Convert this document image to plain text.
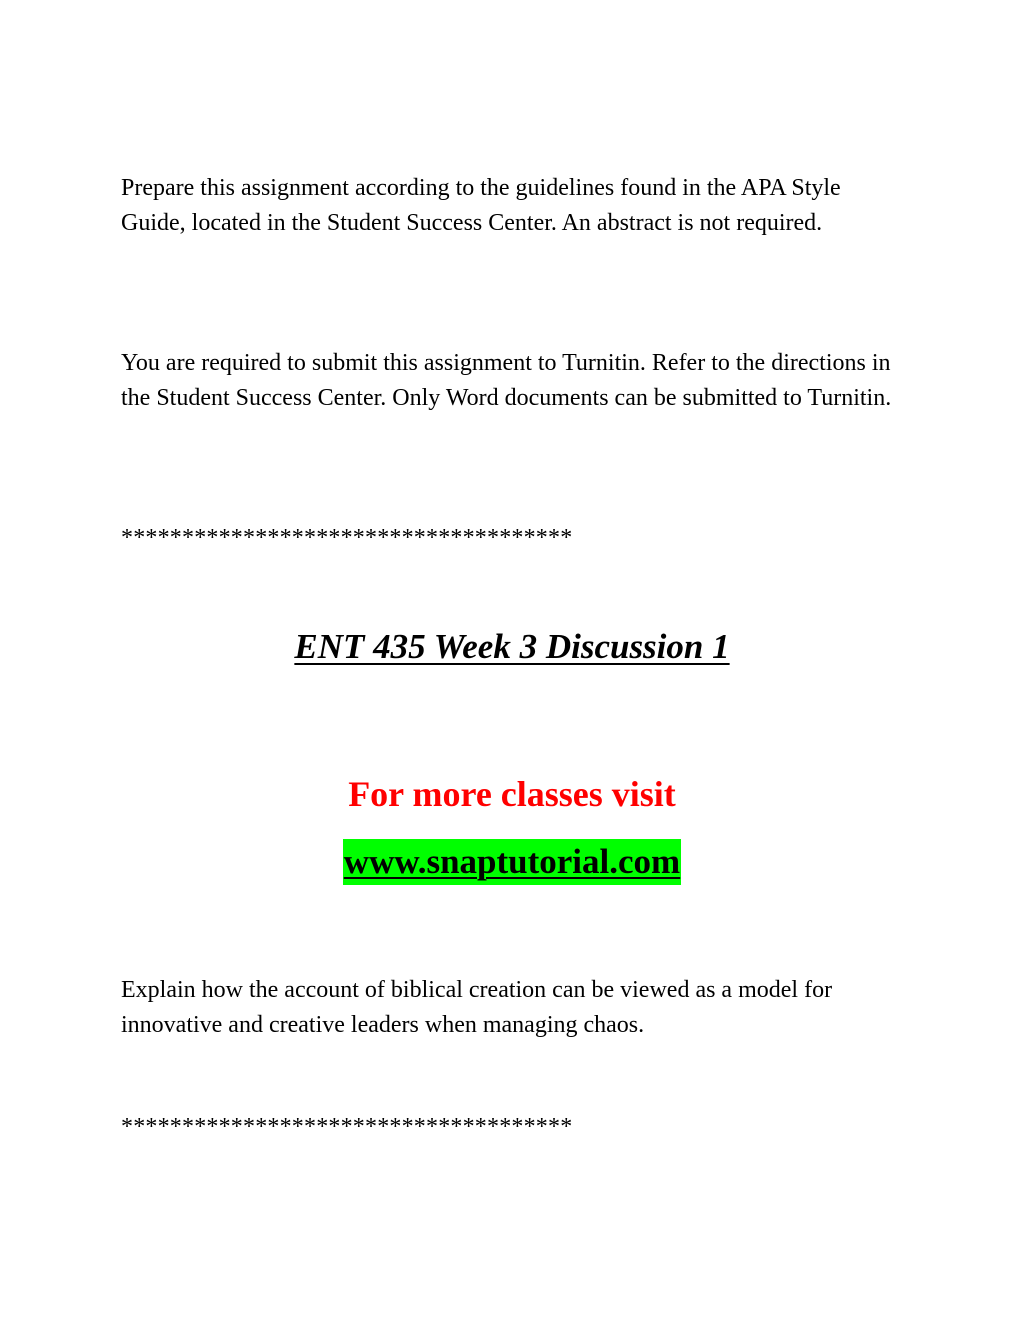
Prepare this assignment according to the guidelines found in the APA Style Guide, located in the Student Success Center. An abstract is not required.

You are required to submit this assignment to Turnitin. Refer to the directions in the Student Success Center. Only Word documents can be submitted to Turnitin.

*************************************

ENT 435 Week 3 Discussion 1

For more classes visit

www.snaptutorial.com

Explain how the account of biblical creation can be viewed as a model for innovative and creative leaders when managing chaos.

*************************************
